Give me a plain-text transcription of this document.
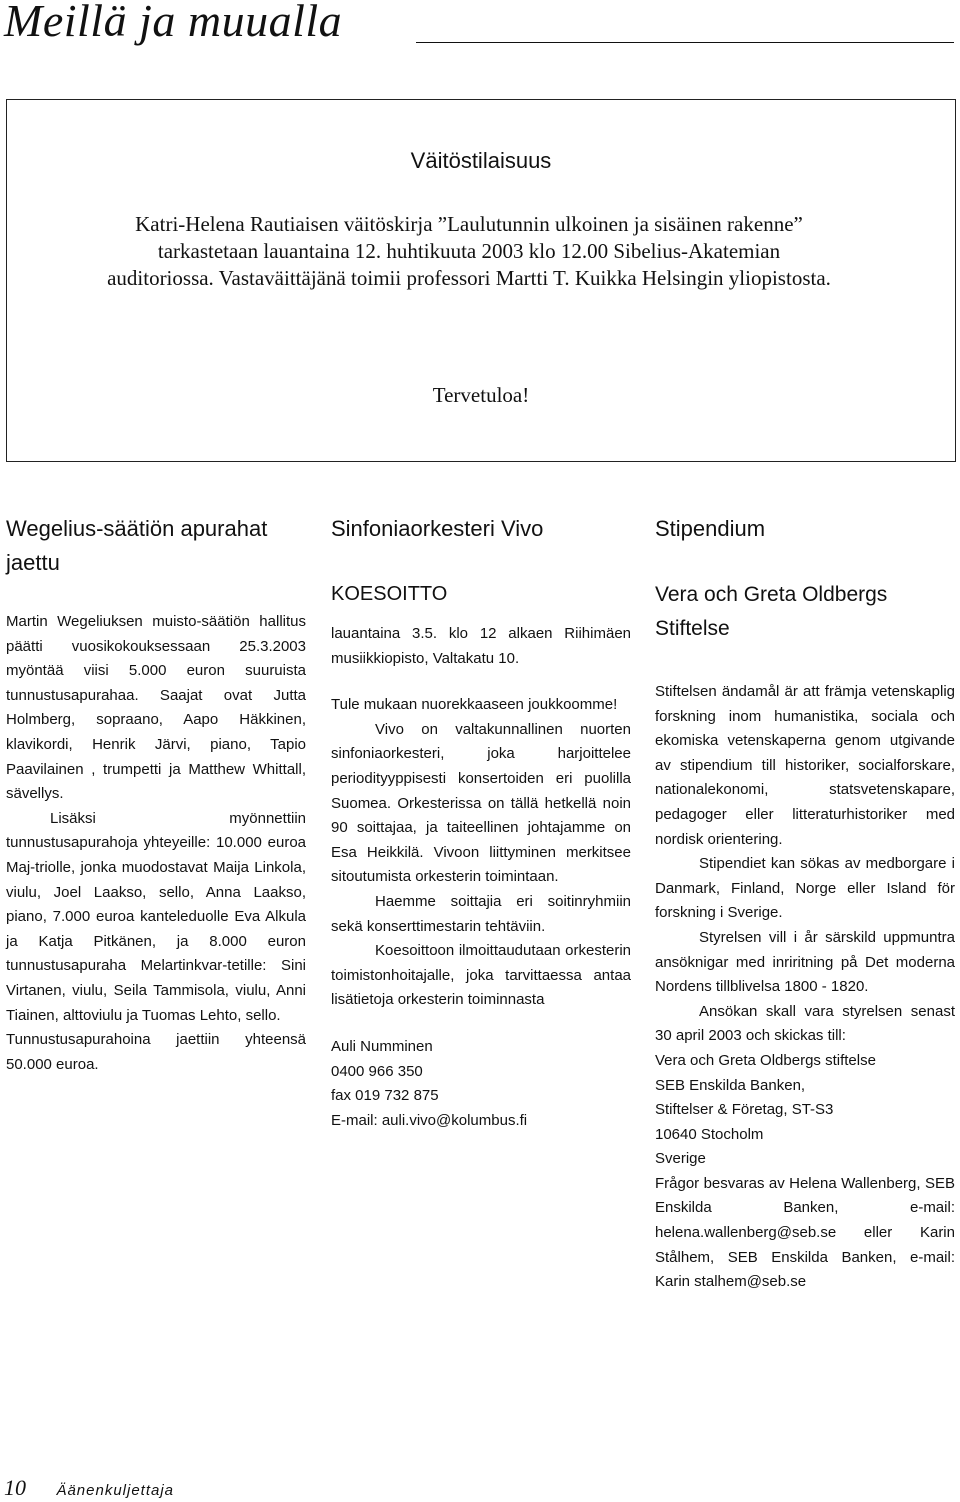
Meillä ja muualla
Väitöstilaisuus

Katri-Helena Rautiaisen väitöskirja ”Laulutunnin ulkoinen ja sisäinen rakenne” tarkastetaan lauantaina 12. huhtikuuta 2003 klo 12.00 Sibelius-Akatemian auditoriossa. Vastaväittäjänä toimii professori Martti T. Kuikka Helsingin yliopistosta.

Tervetuloa!

Wegelius-säätiön apurahat jaettu

Martin Wegeliuksen muisto-säätiön hallitus päätti vuosikokouksessaan 25.3.2003 myöntää viisi 5.000 euron suuruista tunnustusapurahaa. Saajat ovat Jutta Holmberg, sopraano, Aapo Häkkinen, klavikordi, Henrik Järvi, piano, Tapio Paavilainen , trumpetti ja Matthew Whittall, sävellys.

Lisäksi myönnettiin tunnustusapurahoja yhteyeille: 10.000 euroa Maj-triolle, jonka muodostavat Maija Linkola, viulu, Joel Laakso, sello, Anna Laakso, piano, 7.000 euroa kanteleduolle Eva Alkula ja Katja Pitkänen, ja 8.000 euron tunnustusapuraha Melartinkvar-tetille: Sini Virtanen, viulu, Seila Tammisola, viulu, Anni Tiainen, alttoviulu ja Tuomas Lehto, sello.

Tunnustusapurahoina jaettiin yhteensä 50.000 euroa.

Sinfoniaorkesteri Vivo
KOESOITTO

lauantaina 3.5. klo 12 alkaen Riihimäen musiikkiopisto, Valtakatu 10.

Tule mukaan nuorekkaaseen joukkoomme!

Vivo on valtakunnallinen nuorten sinfoniaorkesteri, joka harjoittelee periodityyppisesti konsertoiden eri puolilla Suomea. Orkesterissa on tällä hetkellä noin 90 soittajaa, ja taiteellinen johtajamme on Esa Heikkilä. Vivoon liittyminen merkitsee sitoutumista orkesterin toimintaan.

Haemme soittajia eri soitinryhmiin sekä konserttimestarin tehtäviin.

Koesoittoon ilmoittaudutaan orkesterin toimistonhoitajalle, joka tarvittaessa antaa lisätietoja orkesterin toiminnasta

Auli Numminen
0400 966 350
fax 019 732 875
E-mail: auli.vivo@kolumbus.fi

Stipendium
Vera och Greta Oldbergs Stiftelse

Stiftelsen ändamål är att främja vetenskaplig forskning inom humanistika, sociala och ekomiska vetenskaperna genom utgivande av stipendium till historiker, socialforskare, nationalekonomi, statsvetenskapare, pedagoger eller litteraturhistoriker med nordisk orientering.

Stipendiet kan sökas av medborgare i Danmark, Finland, Norge eller Island för forskning i Sverige.

Styrelsen vill i år särskild uppmuntra ansöknigar med inriritning på Det moderna Nordens tillblivelsa 1800 - 1820.

Ansökan skall vara styrelsen senast 30 april 2003 och skickas till:

Vera och Greta Oldbergs stiftelse
SEB Enskilda Banken,
Stiftelser & Företag, ST-S3
10640 Stocholm
Sverige

Frågor besvaras av Helena Wallenberg, SEB Enskilda Banken, e-mail: helena.wallenberg@seb.se eller Karin Stålhem, SEB Enskilda Banken, e-mail: Karin stalhem@seb.se

10 Äänenkuljettaja
